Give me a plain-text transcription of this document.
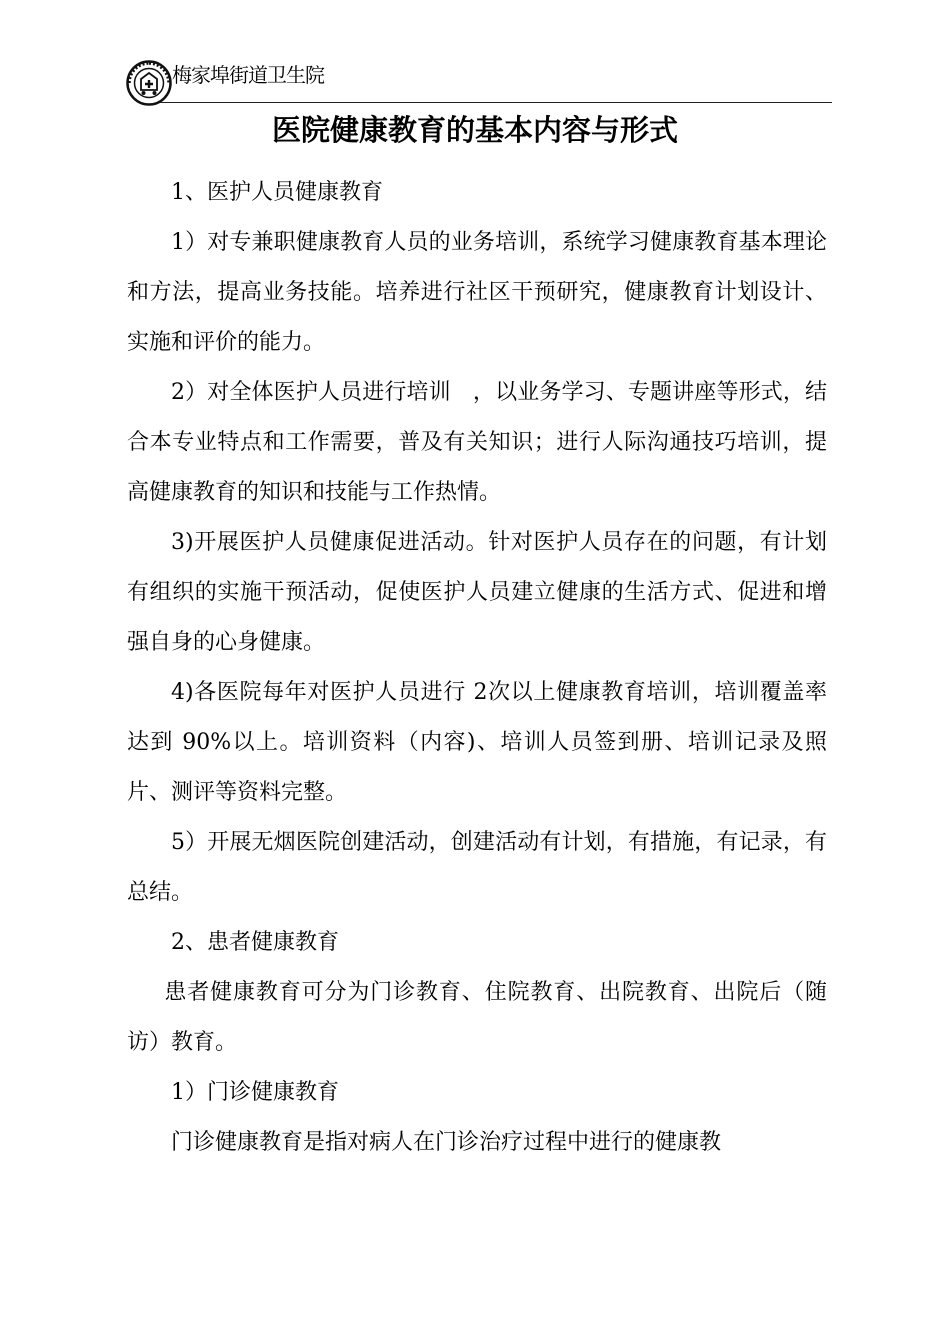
梅家埠街道卫生院
医院健康教育的基本内容与形式

1、医护人员健康教育

1）对专兼职健康教育人员的业务培训，系统学习健康教育基本理论和方法，提高业务技能。培养进行社区干预研究，健康教育计划设计、实施和评价的能力。

2）对全体医护人员进行培训　，以业务学习、专题讲座等形式，结合本专业特点和工作需要，普及有关知识；进行人际沟通技巧培训，提高健康教育的知识和技能与工作热情。

3)开展医护人员健康促进活动。针对医护人员存在的问题，有计划有组织的实施干预活动，促使医护人员建立健康的生活方式、促进和增强自身的心身健康。

4)各医院每年对医护人员进行 2次以上健康教育培训，培训覆盖率达到 90%以上。培训资料（内容)、培训人员签到册、培训记录及照片、测评等资料完整。

5）开展无烟医院创建活动，创建活动有计划，有措施，有记录，有总结。

2、患者健康教育

患者健康教育可分为门诊教育、住院教育、出院教育、出院后（随访）教育。

1）门诊健康教育

门诊健康教育是指对病人在门诊治疗过程中进行的健康教
